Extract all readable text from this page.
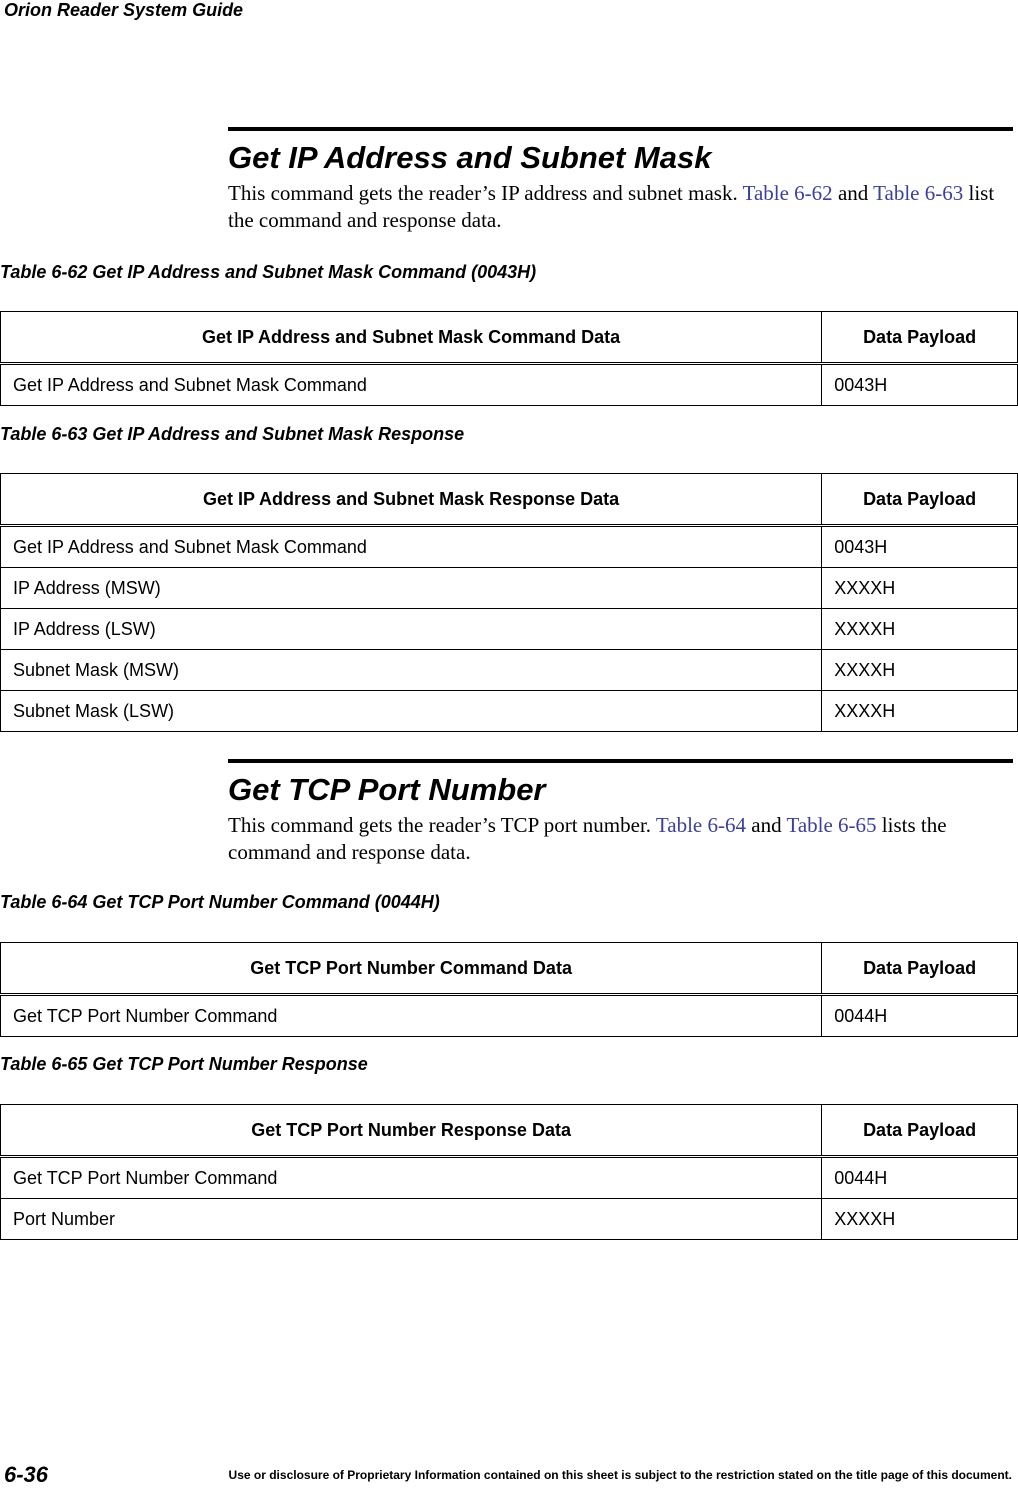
Orion Reader System Guide
Get IP Address and Subnet Mask

This command gets the reader’s IP address and subnet mask. Table 6-62 and Table 6-63 list the command and response data.

Table 6-62 Get IP Address and Subnet Mask Command (0043H)
Get IP Address and Subnet Mask Command Data	Data Payload
Get IP Address and Subnet Mask Command	0043H
Table 6-63 Get IP Address and Subnet Mask Response
Get IP Address and Subnet Mask Response Data	Data Payload
Get IP Address and Subnet Mask Command	0043H
IP Address (MSW)	XXXXH
IP Address (LSW)	XXXXH
Subnet Mask (MSW)	XXXXH
Subnet Mask (LSW)	XXXXH
Get TCP Port Number

This command gets the reader’s TCP port number. Table 6-64 and Table 6-65 lists the command and response data.

Table 6-64 Get TCP Port Number Command (0044H)
Get TCP Port Number Command Data	Data Payload
Get TCP Port Number Command	0044H
Table 6-65 Get TCP Port Number Response
Get TCP Port Number Response Data	Data Payload
Get TCP Port Number Command	0044H
Port Number	XXXXH
6-36	Use or disclosure of Proprietary Information contained on this sheet is subject to the restriction stated on the title page of this document.
